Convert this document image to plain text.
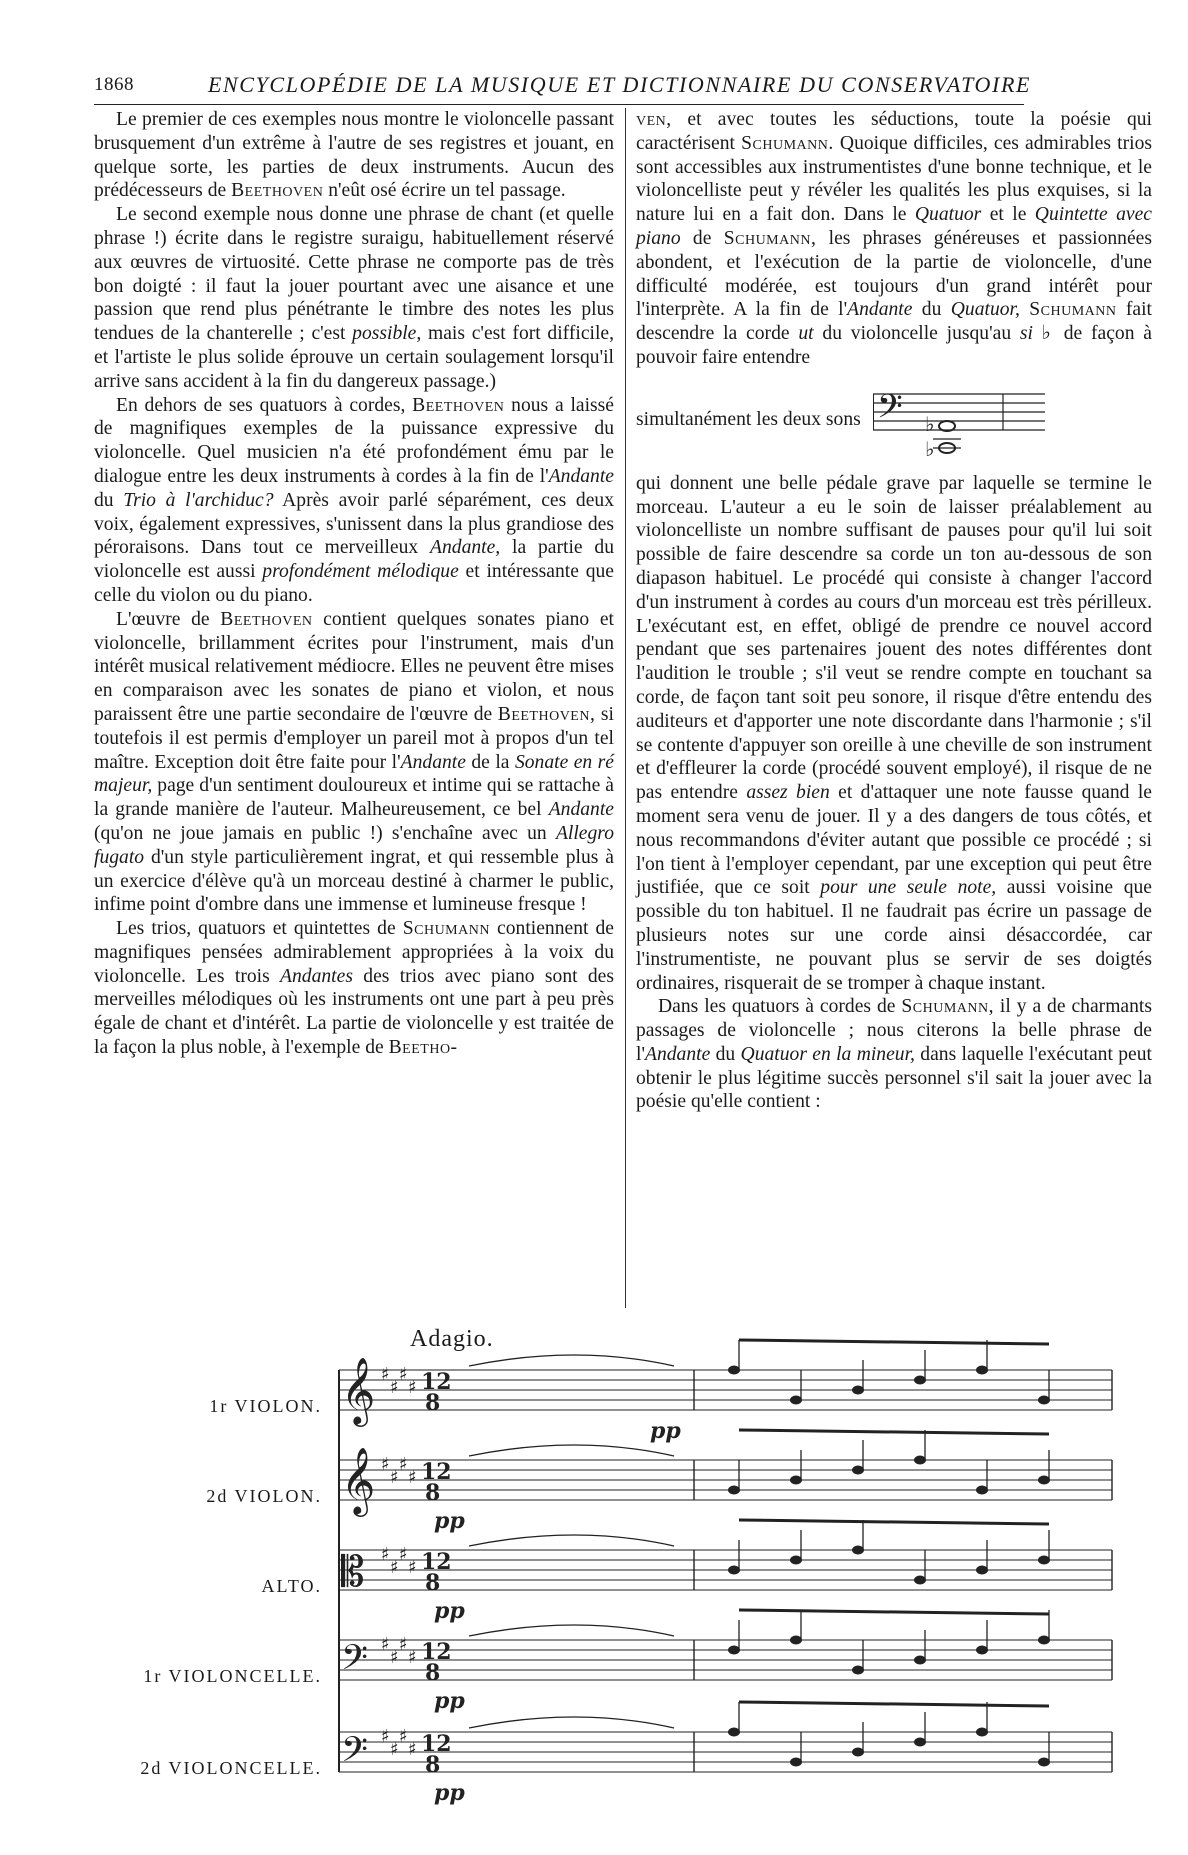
1868	ENCYCLOPÉDIE DE LA MUSIQUE ET DICTIONNAIRE DU CONSERVATOIRE

Le premier de ces exemples nous montre le violoncelle passant brusquement d'un extrême à l'autre de ses registres et jouant, en quelque sorte, les parties de deux instruments. Aucun des prédécesseurs de Beethoven n'eût osé écrire un tel passage.

Le second exemple nous donne une phrase de chant (et quelle phrase !) écrite dans le registre suraigu, habituellement réservé aux œuvres de virtuosité. Cette phrase ne comporte pas de très bon doigté : il faut la jouer pourtant avec une aisance et une passion que rend plus pénétrante le timbre des notes les plus tendues de la chanterelle ; c'est possible, mais c'est fort difficile, et l'artiste le plus solide éprouve un certain soulagement lorsqu'il arrive sans accident à la fin du dangereux passage.)

En dehors de ses quatuors à cordes, Beethoven nous a laissé de magnifiques exemples de la puissance expressive du violoncelle. Quel musicien n'a été profondément ému par le dialogue entre les deux instruments à cordes à la fin de l'Andante du Trio à l'archiduc? Après avoir parlé séparément, ces deux voix, également expressives, s'unissent dans la plus grandiose des péroraisons. Dans tout ce merveilleux Andante, la partie du violoncelle est aussi profondément mélodique et intéressante que celle du violon ou du piano.

L'œuvre de Beethoven contient quelques sonates piano et violoncelle, brillamment écrites pour l'instrument, mais d'un intérêt musical relativement médiocre. Elles ne peuvent être mises en comparaison avec les sonates de piano et violon, et nous paraissent être une partie secondaire de l'œuvre de Beethoven, si toutefois il est permis d'employer un pareil mot à propos d'un tel maître. Exception doit être faite pour l'Andante de la Sonate en ré majeur, page d'un sentiment douloureux et intime qui se rattache à la grande manière de l'auteur. Malheureusement, ce bel Andante (qu'on ne joue jamais en public !) s'enchaîne avec un Allegro fugato d'un style particulièrement ingrat, et qui ressemble plus à un exercice d'élève qu'à un morceau destiné à charmer le public, infime point d'ombre dans une immense et lumineuse fresque !

Les trios, quatuors et quintettes de Schumann contiennent de magnifiques pensées admirablement appropriées à la voix du violoncelle. Les trois Andantes des trios avec piano sont des merveilles mélodiques où les instruments ont une part à peu près égale de chant et d'intérêt. La partie de violoncelle y est traitée de la façon la plus noble, à l'exemple de Beetho-

ven, et avec toutes les séductions, toute la poésie qui caractérisent Schumann. Quoique difficiles, ces admirables trios sont accessibles aux instrumentistes d'une bonne technique, et le violoncelliste peut y révéler les qualités les plus exquises, si la nature lui en a fait don. Dans le Quatuor et le Quintette avec piano de Schumann, les phrases généreuses et passionnées abondent, et l'exécution de la partie de violoncelle, d'une difficulté modérée, est toujours d'un grand intérêt pour l'interprète. A la fin de l'Andante du Quatuor, Schumann fait descendre la corde ut du violoncelle jusqu'au si ♭ de façon à pouvoir faire entendre

simultanément les deux sons 𝄢 ♭
♭

qui donnent une belle pédale grave par laquelle se termine le morceau. L'auteur a eu le soin de laisser préalablement au violoncelliste un nombre suffisant de pauses pour qu'il lui soit possible de faire descendre sa corde un ton au-dessous de son diapason habituel. Le procédé qui consiste à changer l'accord d'un instrument à cordes au cours d'un morceau est très périlleux. L'exécutant est, en effet, obligé de prendre ce nouvel accord pendant que ses partenaires jouent des notes différentes dont l'audition le trouble ; s'il veut se rendre compte en touchant sa corde, de façon tant soit peu sonore, il risque d'être entendu des auditeurs et d'apporter une note discordante dans l'harmonie ; s'il se contente d'appuyer son oreille à une cheville de son instrument et d'effleurer la corde (procédé souvent employé), il risque de ne pas entendre assez bien et d'attaquer une note fausse quand le moment sera venu de jouer. Il y a des dangers de tous côtés, et nous recommandons d'éviter autant que possible ce procédé ; si l'on tient à l'employer cependant, par une exception qui peut être justifiée, que ce soit pour une seule note, aussi voisine que possible du ton habituel. Il ne faudrait pas écrire un passage de plusieurs notes sur une corde ainsi désaccordée, car l'instrumentiste, ne pouvant plus se servir de ses doigtés ordinaires, risquerait de se tromper à chaque instant.

Dans les quatuors à cordes de Schumann, il y a de charmants passages de violoncelle ; nous citerons la belle phrase de l'Andante du Quatuor en la mineur, dans laquelle l'exécutant peut obtenir le plus légitime succès personnel s'il sait la jouer avec la poésie qu'elle contient :

Adagio.
1r VIOLON.
2d VIOLON.
ALTO.
1r VIOLONCELLE.
2d VIOLONCELLE.
𝄞 ♯
♯
♯
♯ 12
8
pp
𝄞 ♯
♯
♯
♯ 12
8
pp
𝄡 ♯
♯
♯
♯ 12
8
pp
𝄢 ♯
♯
♯
♯ 12
8
pp
𝄢 ♯
♯
♯
♯ 12
8
pp
